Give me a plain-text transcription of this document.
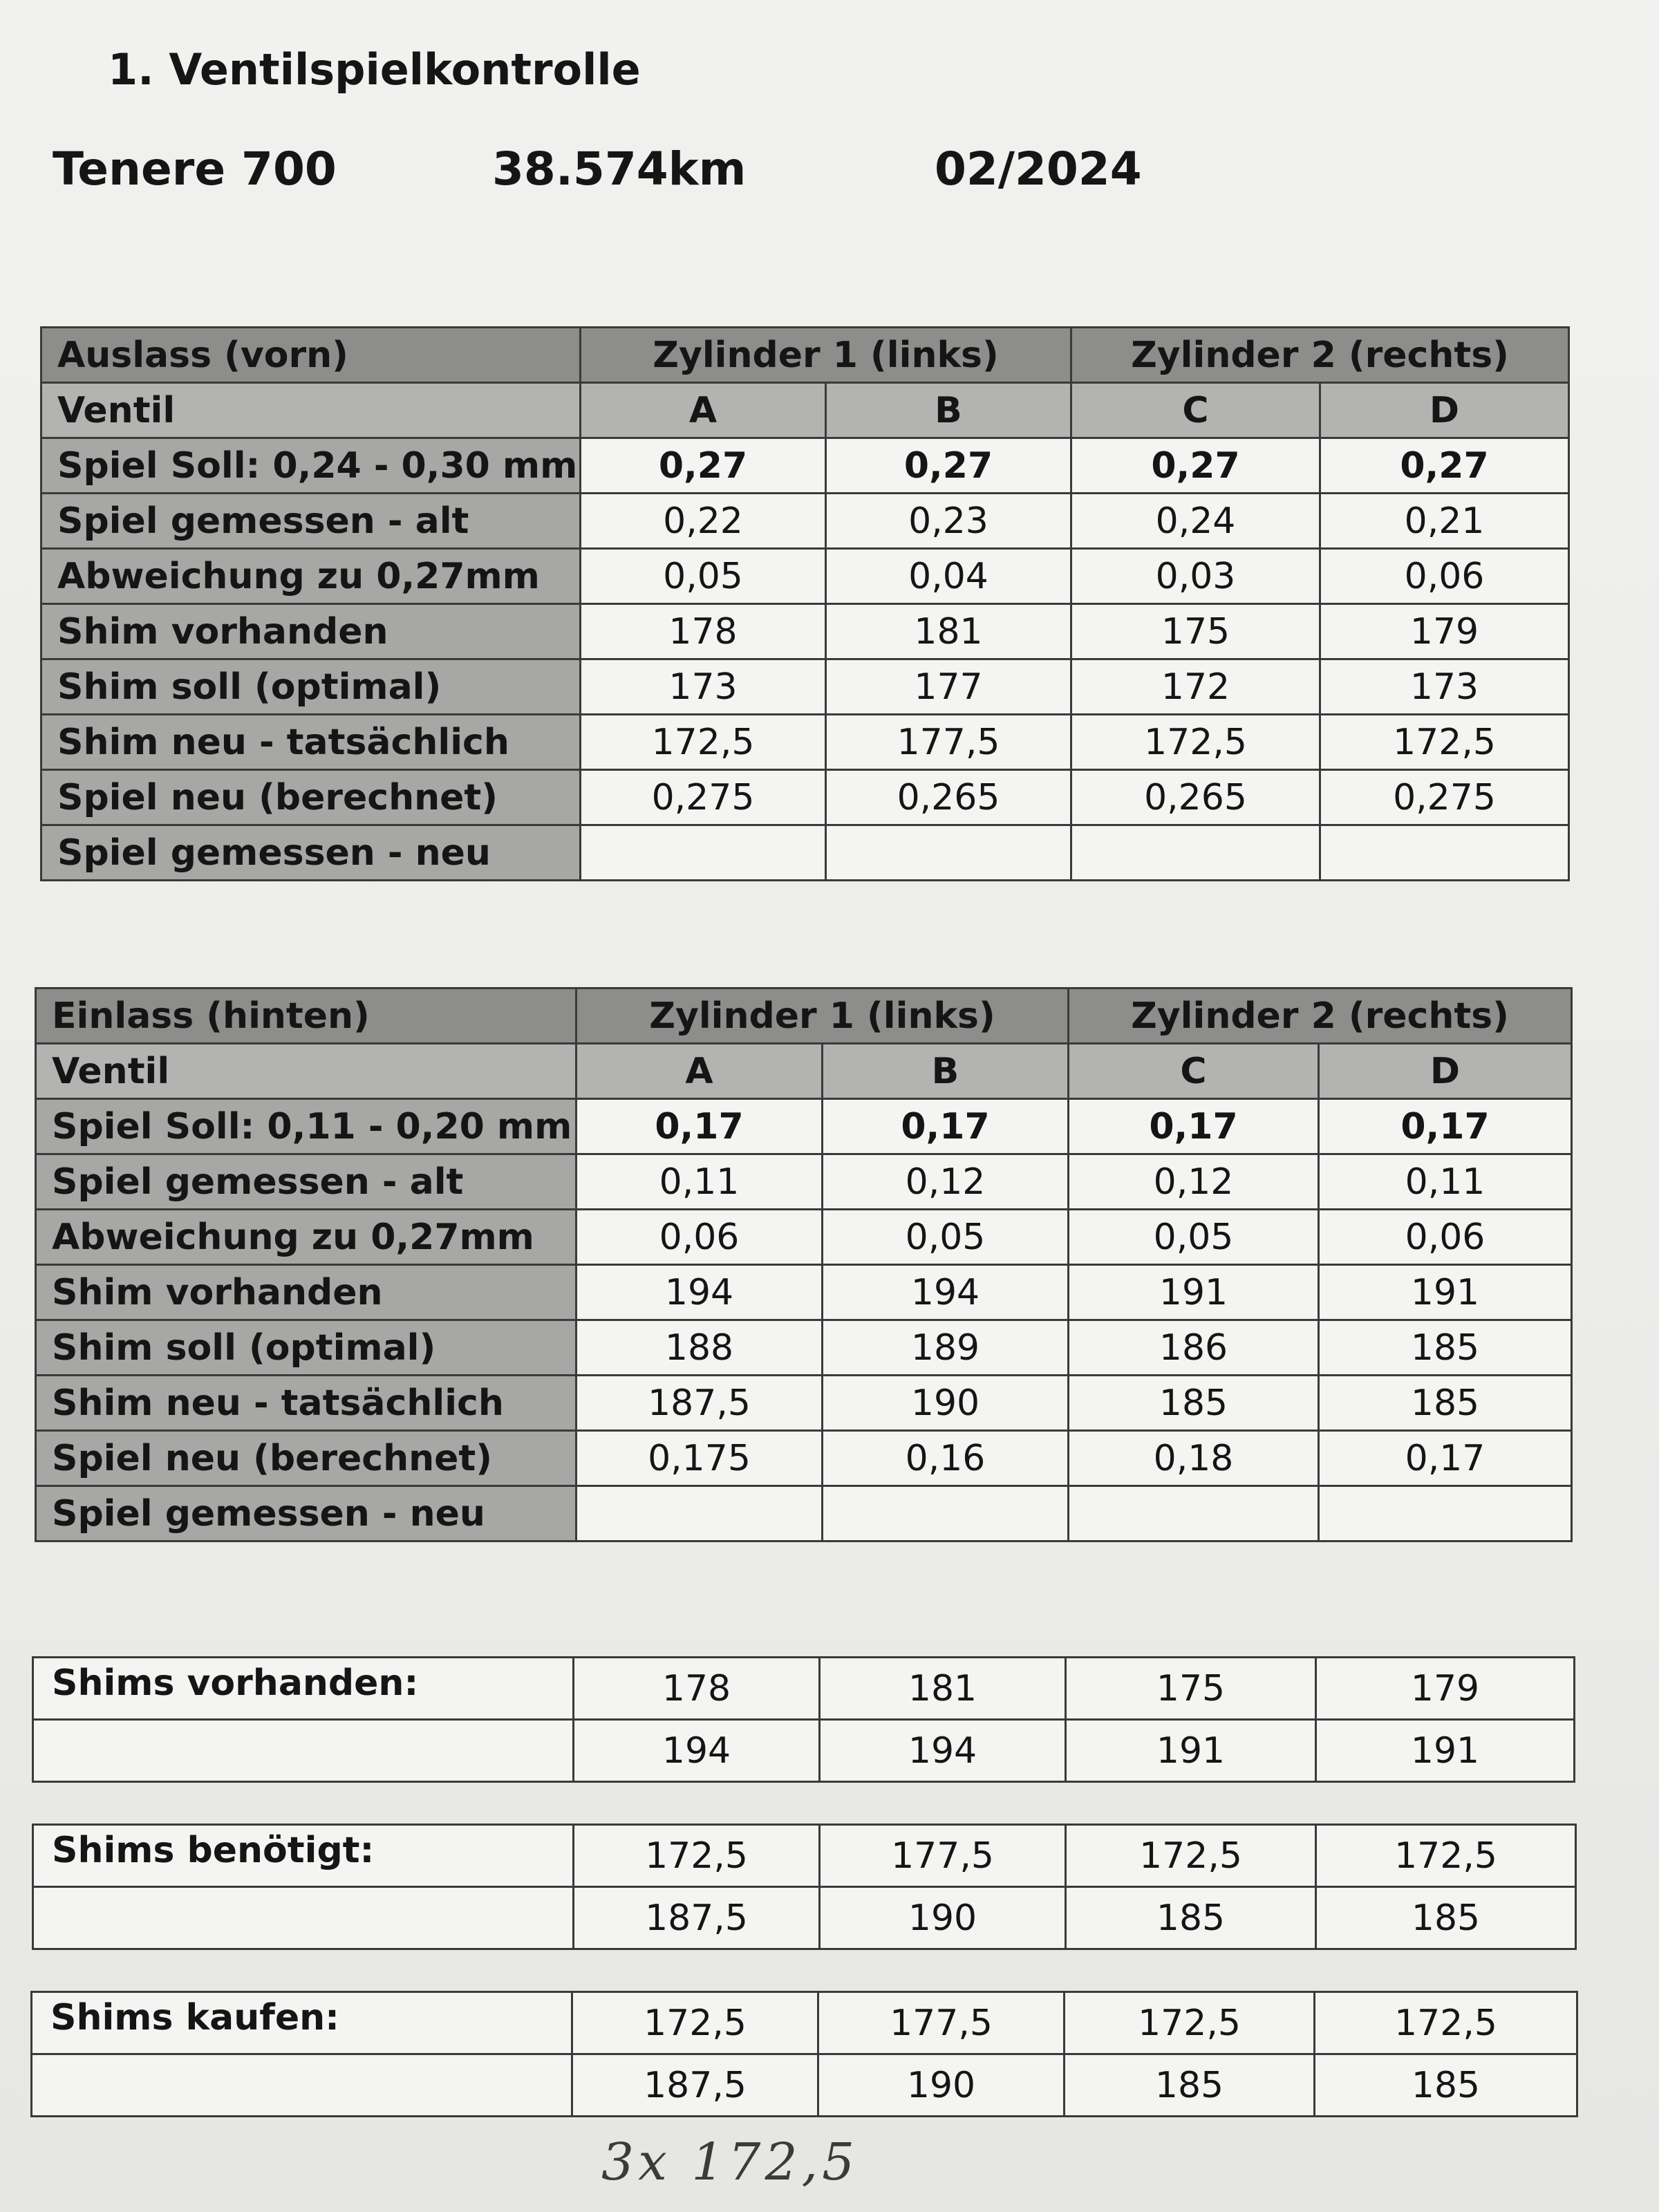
1. Ventilspielkontrolle
Tenere 700	38.574km	02/2024
Auslass (vorn)	Zylinder 1 (links)		Zylinder 2 (rechts)	
Ventil	A	B	C	D
Spiel Soll: 0,24 - 0,30 mm	0,27	0,27	0,27	0,27
Spiel gemessen - alt	0,22	0,23	0,24	0,21
Abweichung zu 0,27mm	0,05	0,04	0,03	0,06
Shim vorhanden	178	181	175	179
Shim soll (optimal)	173	177	172	173
Shim neu - tatsächlich	172,5	177,5	172,5	172,5
Spiel neu (berechnet)	0,275	0,265	0,265	0,275
Spiel gemessen - neu				
Einlass (hinten)	Zylinder 1 (links)		Zylinder 2 (rechts)	
Ventil	A	B	C	D
Spiel Soll: 0,11 - 0,20 mm	0,17	0,17	0,17	0,17
Spiel gemessen - alt	0,11	0,12	0,12	0,11
Abweichung zu 0,27mm	0,06	0,05	0,05	0,06
Shim vorhanden	194	194	191	191
Shim soll (optimal)	188	189	186	185
Shim neu - tatsächlich	187,5	190	185	185
Spiel neu (berechnet)	0,175	0,16	0,18	0,17
Spiel gemessen - neu				
Shims vorhanden:	178	181	175	179
	194	194	191	191
Shims benötigt:	172,5	177,5	172,5	172,5
	187,5	190	185	185
Shims kaufen:	172,5	177,5	172,5	172,5
	187,5	190	185	185
3x 172,5
